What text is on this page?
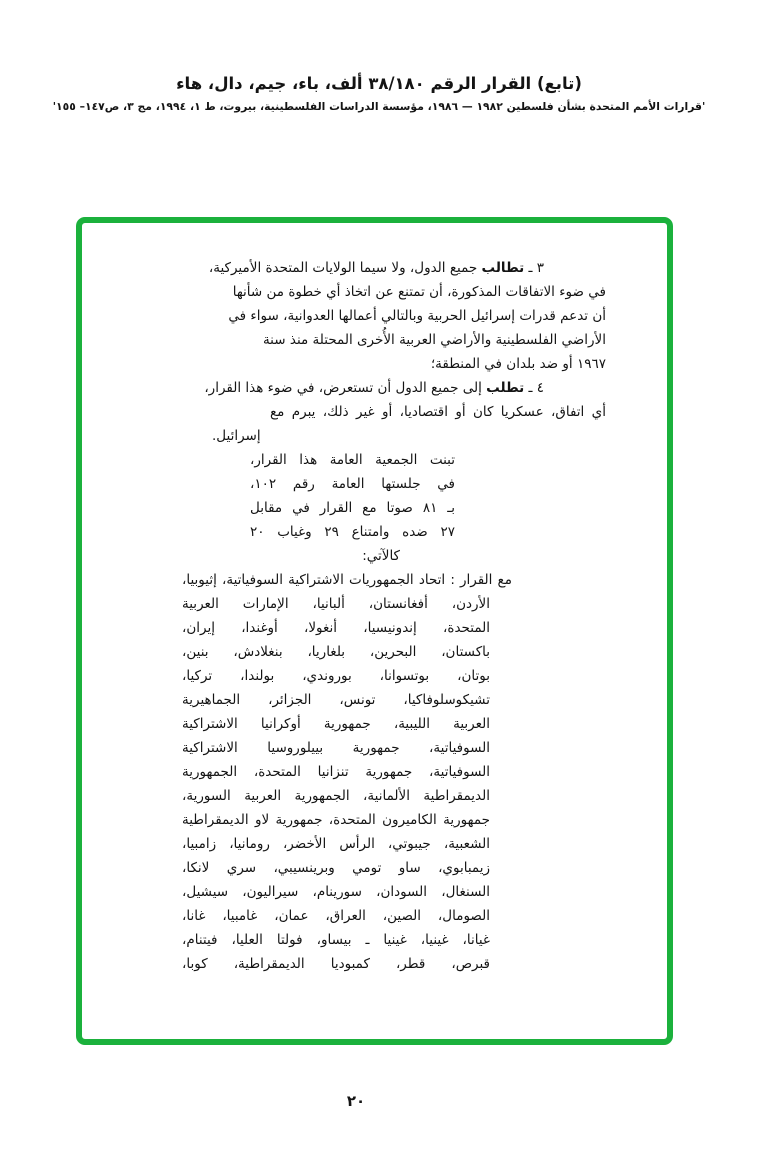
(تابع) القرار الرقم ٣٨/١٨٠ ألف، باء، جيم، دال، هاء
'قرارات الأمم المتحدة بشأن فلسطين ١٩٨٢ — ١٩٨٦، مؤسسة الدراسات الفلسطينية، بيروت، ط ١، ١٩٩٤، مج ٣، ص١٤٧– ١٥٥'
٣ ـ تطالب جميع الدول، ولا سيما الولايات المتحدة الأميركية،
في ضوء الاتفاقات المذكورة، أن تمتنع عن اتخاذ أي خطوة من شأنها
أن تدعم قدرات إسرائيل الحربية وبالتالي أعمالها العدوانية، سواء في
الأراضي الفلسطينية والأراضي العربية الأُخرى المحتلة منذ سنة
١٩٦٧ أو ضد بلدان في المنطقة؛
٤ ـ تطلب إلى جميع الدول أن تستعرض، في ضوء هذا القرار،
أي اتفاق، عسكريا كان أو اقتصاديا، أو غير ذلك، يبرم مع
إسرائيل.
تبنت الجمعية العامة هذا القرار،
في جلستها العامة رقم ١٠٢،
بـ ٨١ صوتا مع القرار في مقابل
٢٧ ضده وامتناع ٢٩ وغياب ٢٠
كالآتي:
مع القرار : اتحاد الجمهوريات الاشتراكية السوفياتية، إثيوبيا،
الأردن، أفغانستان، ألبانيا، الإمارات العربية
المتحدة، إندونيسيا، أنغولا، أوغندا، إيران،
باكستان، البحرين، بلغاريا، بنغلادش، بنين،
بوتان، بوتسوانا، بوروندي، بولندا، تركيا،
تشيكوسلوفاكيا، تونس، الجزائر، الجماهيرية
العربية الليبية، جمهورية أوكرانيا الاشتراكية
السوفياتية، جمهورية بييلوروسيا الاشتراكية
السوفياتية، جمهورية تنزانيا المتحدة، الجمهورية
الديمقراطية الألمانية، الجمهورية العربية السورية،
جمهورية الكاميرون المتحدة، جمهورية لاو الديمقراطية
الشعبية، جيبوتي، الرأس الأخضر، رومانيا، زامبيا،
زيمبابوي، ساو تومي وبرينسيبي، سري لانكا،
السنغال، السودان، سورينام، سيراليون، سيشيل،
الصومال، الصين، العراق، عمان، غامبيا، غانا،
غيانا، غينيا، غينيا ـ بيساو، فولتا العليا، فيتنام،
قبرص، قطر، كمبوديا الديمقراطية، كوبا،
٢٠
